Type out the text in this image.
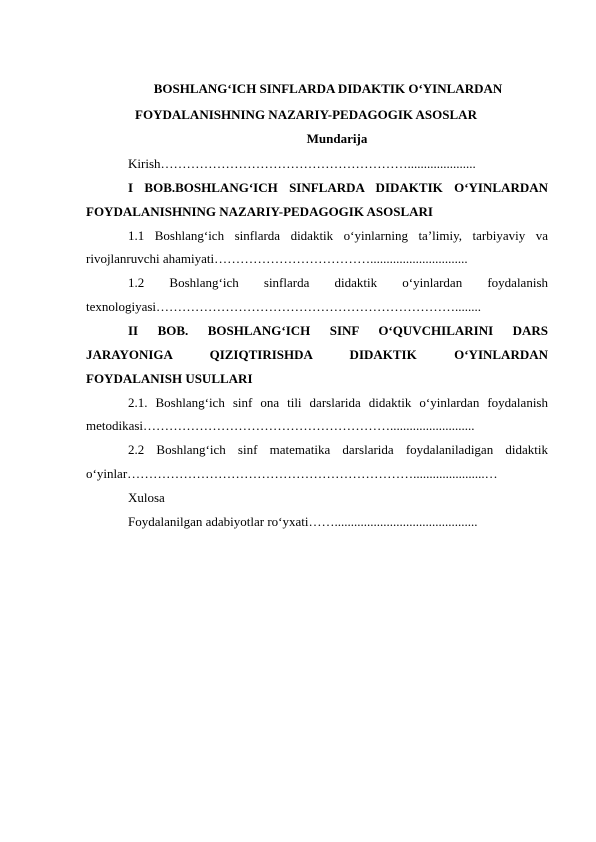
BOSHLANG‘ICH SINFLARDA DIDAKTIK O‘YINLARDAN
FOYDALANISHNING NAZARIY-PEDAGOGIK ASOSLAR
Mundarija
Kirish………………………………………………….....................
I BOB.BOSHLANG‘ICH SINFLARDA DIDAKTIK O‘YINLARDAN
FOYDALANISHNING NAZARIY-PEDAGOGIK ASOSLARI
1.1 Boshlang‘ich sinflarda didaktik o‘yinlarning ta’limiy, tarbiyaviy va
rivojlanruvchi ahamiyati………………………………..............................
1.2 Boshlang‘ich sinflarda didaktik o‘yinlardan foydalanish
texnologiyasi……………………………………………………………........
II BOB. BOSHLANG‘ICH SINF O‘QUVCHILARINI DARS
JARAYONIGA QIZIQTIRISHDA DIDAKTIK O‘YINLARDAN
FOYDALANISH USULLARI
2.1. Boshlang‘ich sinf ona tili darslarida didaktik o‘yinlardan foydalanish
metodikasi…………………………………………………..........................
2.2 Boshlang‘ich sinf matematika darslarida foydalaniladigan didaktik
o‘yinlar…………………………………………………………......................…
Xulosa
Foydalanilgan adabiyotlar ro‘yxati……............................................
